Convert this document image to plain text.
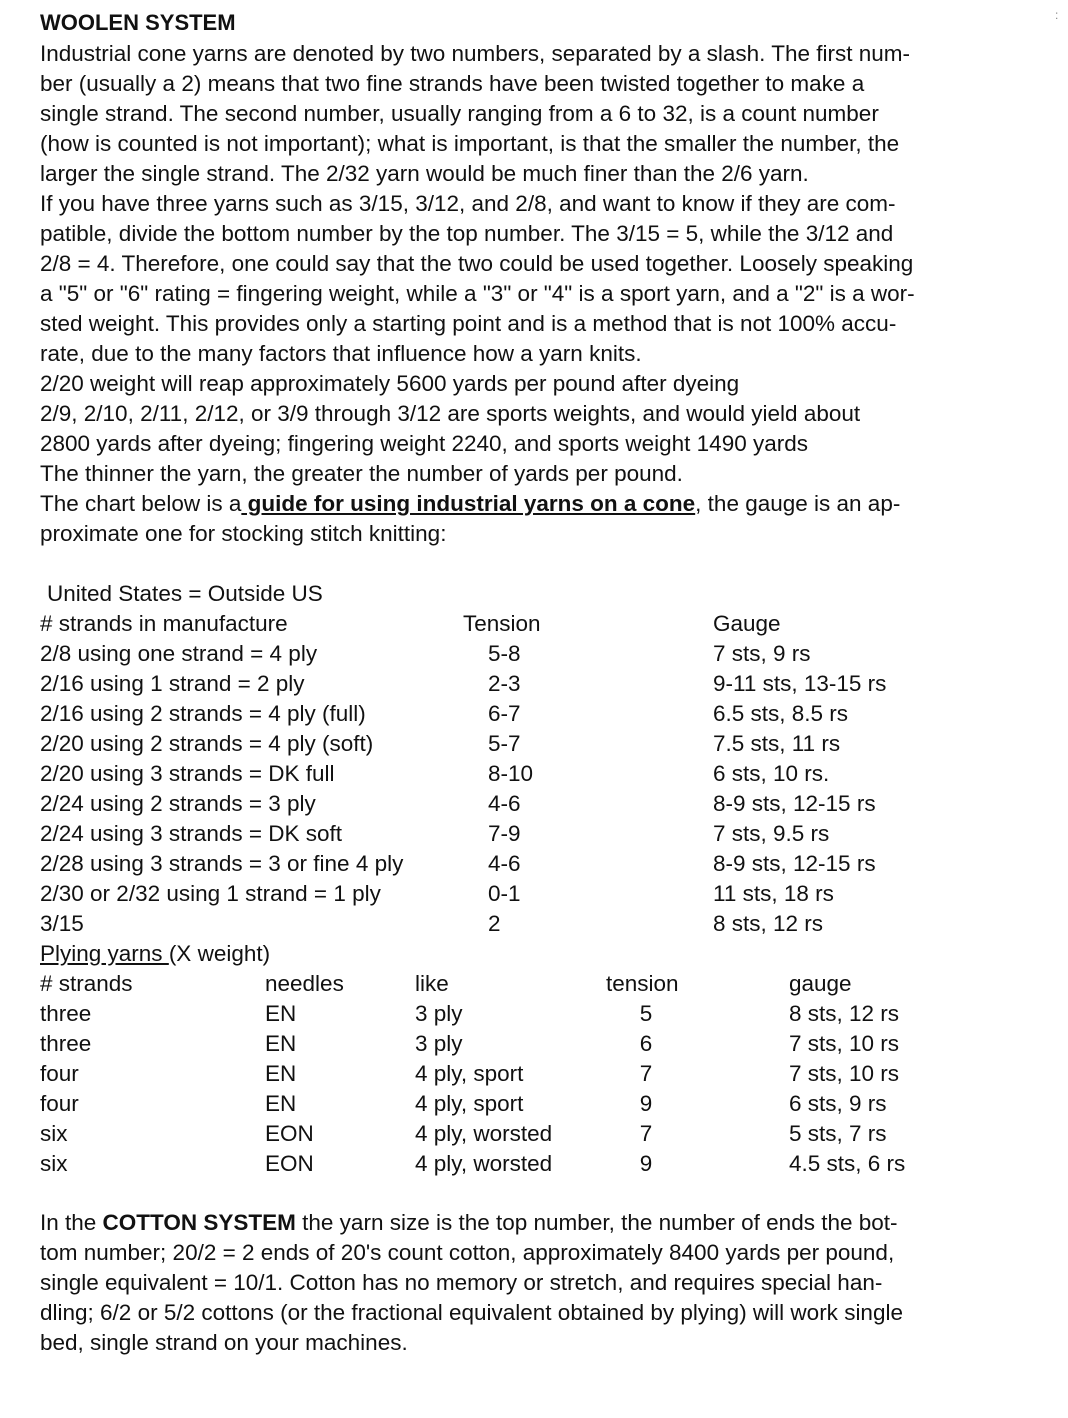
:
WOOLEN SYSTEM
Industrial cone yarns are denoted by two numbers, separated by a slash. The first num-
ber (usually a 2) means that two fine strands have been twisted together to make a
single strand. The second number, usually ranging from a 6 to 32, is a count number
(how is counted is not important); what is important, is that the smaller the number, the
larger the single strand. The 2/32 yarn would be much finer than the 2/6 yarn.
If you have three yarns such as 3/15, 3/12, and 2/8, and want to know if they are com-
patible, divide the bottom number by the top number. The 3/15 = 5, while the 3/12 and
2/8 = 4. Therefore, one could say that the two could be used together. Loosely speaking
a "5" or "6" rating = fingering weight, while a "3" or "4" is a sport yarn, and a "2" is a wor-
sted weight. This provides only a starting point and is a method that is not 100% accu-
rate, due to the many factors that influence how a yarn knits.
2/20 weight will reap approximately 5600 yards per pound after dyeing
2/9, 2/10, 2/11, 2/12, or 3/9 through 3/12 are sports weights, and would yield about
2800 yards after dyeing; fingering weight 2240, and sports weight 1490 yards
The thinner the yarn, the greater the number of yards per pound.
The chart below is a guide for using industrial yarns on a cone, the gauge is an ap-
proximate one for stocking stitch knitting:
United States = Outside US
# strands in manufacture	Tension	Gauge
2/8 using one strand = 4 ply	5-8	7 sts, 9 rs
2/16 using 1 strand = 2 ply	2-3	9-11 sts, 13-15 rs
2/16 using 2 strands = 4 ply (full)	6-7	6.5 sts, 8.5 rs
2/20 using 2 strands = 4 ply (soft)	5-7	7.5 sts, 11 rs
2/20 using 3 strands = DK full	8-10	6 sts, 10 rs.
2/24 using 2 strands = 3 ply	4-6	8-9 sts, 12-15 rs
2/24 using 3 strands = DK soft	7-9	7 sts, 9.5 rs
2/28 using 3 strands = 3 or fine 4 ply	4-6	8-9 sts, 12-15 rs
2/30 or 2/32 using 1 strand = 1 ply	0-1	11 sts, 18 rs
3/15	2	8 sts, 12 rs
Plying yarns (X weight)
# strands	needles	like	tension	gauge
three	EN	3 ply	5	8 sts, 12 rs
three	EN	3 ply	6	7 sts, 10 rs
four	EN	4 ply, sport	7	7 sts, 10 rs
four	EN	4 ply, sport	9	6 sts, 9 rs
six	EON	4 ply, worsted	7	5 sts, 7 rs
six	EON	4 ply, worsted	9	4.5 sts, 6 rs
In the COTTON SYSTEM the yarn size is the top number, the number of ends the bot-
tom number; 20/2 = 2 ends of 20's count cotton, approximately 8400 yards per pound,
single equivalent = 10/1. Cotton has no memory or stretch, and requires special han-
dling; 6/2 or 5/2 cottons (or the fractional equivalent obtained by plying) will work single
bed, single strand on your machines.
